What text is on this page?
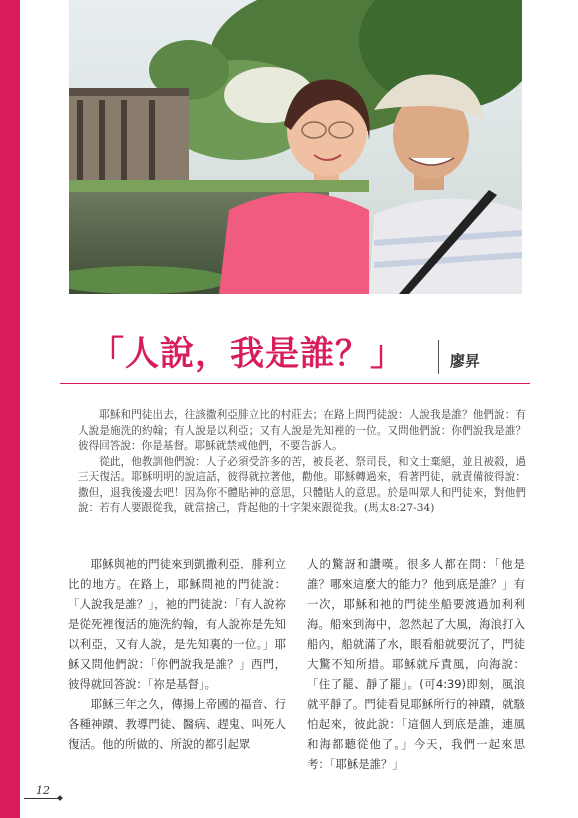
「人說，我是誰？」	廖昇

耶穌和門徒出去，往該撒利亞腓立比的村莊去；在路上問門徒說：人說我是誰？他們說：有人說是施洗的約翰；有人說是以利亞；又有人說是先知裡的一位。又問他們說：你們說我是誰？彼得回答說：你是基督。耶穌就禁戒他們，不要告訴人。

從此，他教訓他們說：人子必須受許多的苦，被長老、祭司長，和文士棄絕，並且被殺，過三天復活。耶穌明明的說這話，彼得就拉著他，勸他。耶穌轉過來，看著門徒，就責備彼得說：撒但，退我後邊去吧！因為你不體貼神的意思，只體貼人的意思。於是叫眾人和門徒來，對他們說：若有人要跟從我，就當捨己，背起他的十字架來跟從我。(馬太8:27-34)

耶穌與祂的門徒來到凱撒利亞．腓利立比的地方。在路上，耶穌問祂的門徒說：「人說我是誰？」，祂的門徒說：「有人說祢是從死裡復活的施洗約翰，有人說祢是先知以利亞，又有人說，是先知裏的一位。」耶穌又問他們說：「你們說我是誰？」西門，彼得就回答說：「祢是基督」。

耶穌三年之久，傳揚上帝國的福音、行各種神蹟、教導門徒、醫病、趕鬼、叫死人復活。他的所做的、所說的都引起眾

人的驚訝和讚嘆。很多人都在問：「他是誰？哪來這麼大的能力？他到底是誰？」有一次，耶穌和祂的門徒坐船要渡過加利利海。船來到海中，忽然起了大風，海浪打入船內，船就滿了水，眼看船就要沉了，門徒大驚不知所措。耶穌就斥責風，向海說：「住了罷、靜了罷」。(可4:39)即刻，風浪就平靜了。門徒看見耶穌所行的神蹟，就駭怕起來，彼此說：「這個人到底是誰，連風和海都聽從他了。」今天，我們一起來思考：「耶穌是誰？」

12
